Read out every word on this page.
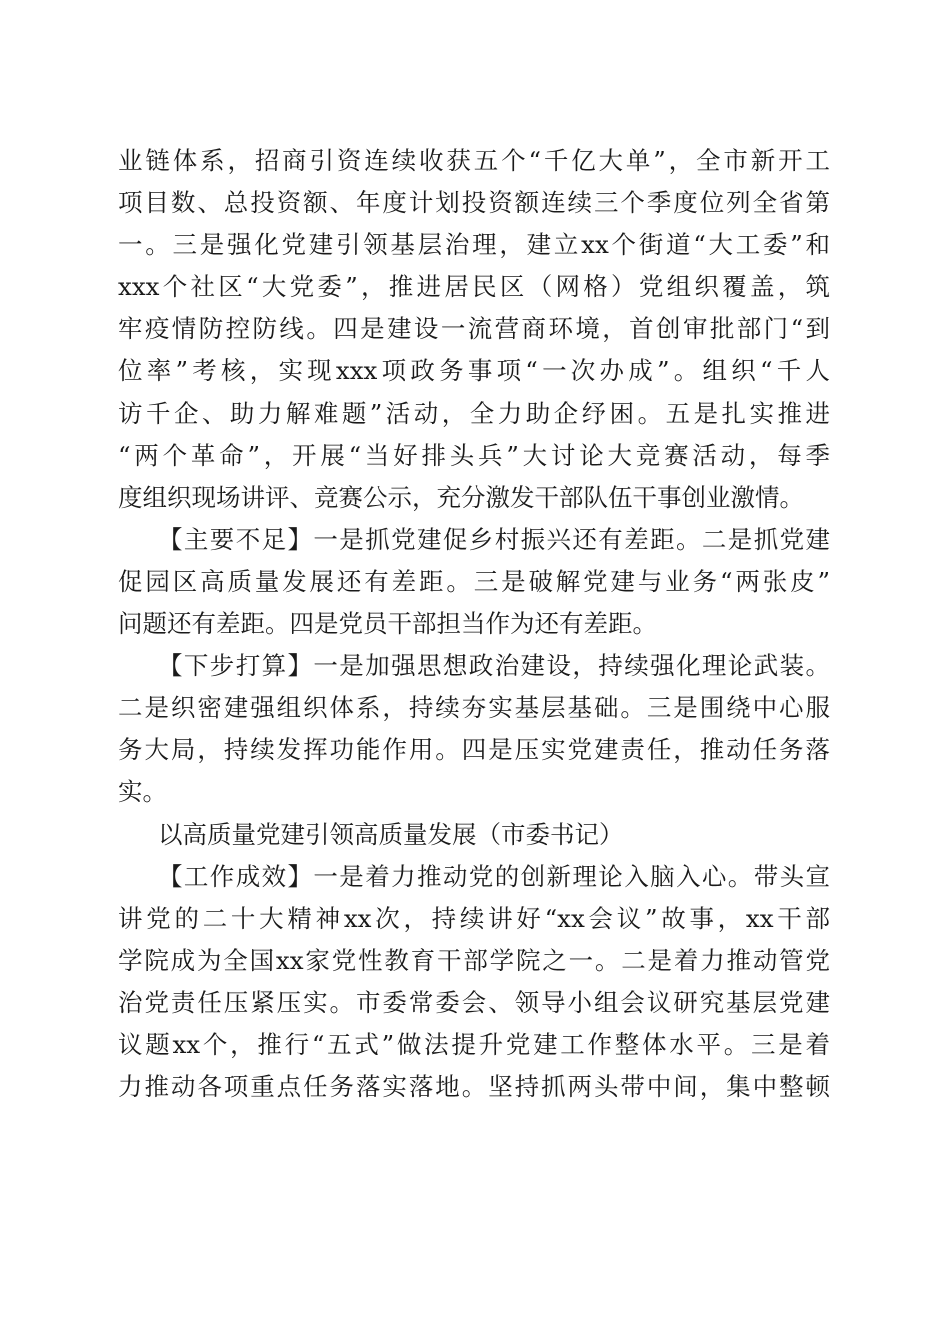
业链体系，招商引资连续收获五个“千亿大单”，全市新开工
项目数、总投资额、年度计划投资额连续三个季度位列全省第
一。三是强化党建引领基层治理，建立xx个街道“大工委”和
xxx个社区“大党委”，推进居民区（网格）党组织覆盖，筑
牢疫情防控防线。四是建设一流营商环境，首创审批部门“到
位率”考核，实现xxx项政务事项“一次办成”。组织“千人
访千企、助力解难题”活动，全力助企纾困。五是扎实推进
“两个革命”，开展“当好排头兵”大讨论大竞赛活动，每季
度组织现场讲评、竞赛公示，充分激发干部队伍干事创业激情。
【主要不足】一是抓党建促乡村振兴还有差距。二是抓党建
促园区高质量发展还有差距。三是破解党建与业务“两张皮”
问题还有差距。四是党员干部担当作为还有差距。
【下步打算】一是加强思想政治建设，持续强化理论武装。
二是织密建强组织体系，持续夯实基层基础。三是围绕中心服
务大局，持续发挥功能作用。四是压实党建责任，推动任务落
实。
以高质量党建引领高质量发展（市委书记）
【工作成效】一是着力推动党的创新理论入脑入心。带头宣
讲党的二十大精神xx次，持续讲好“xx会议”故事，xx干部
学院成为全国xx家党性教育干部学院之一。二是着力推动管党
治党责任压紧压实。市委常委会、领导小组会议研究基层党建
议题xx个，推行“五式”做法提升党建工作整体水平。三是着
力推动各项重点任务落实落地。坚持抓两头带中间，集中整顿
